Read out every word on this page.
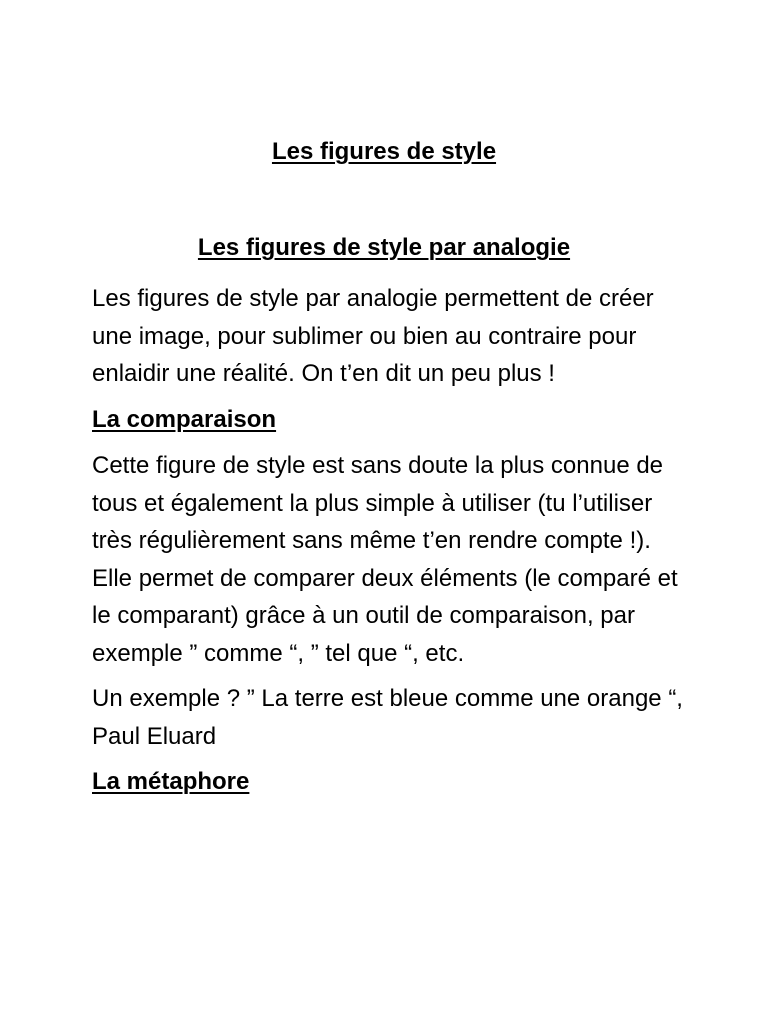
Les figures de style
Les figures de style par analogie

Les figures de style par analogie permettent de créer une image, pour sublimer ou bien au contraire pour enlaidir une réalité. On t’en dit un peu plus !

La comparaison

Cette figure de style est sans doute la plus connue de tous et également la plus simple à utiliser (tu l’utiliser très régulièrement sans même t’en rendre compte !). Elle permet de comparer deux éléments (le comparé et le comparant) grâce à un outil de comparaison, par exemple ” comme “, ” tel que “, etc.

Un exemple ? ” La terre est bleue comme une orange “, Paul Eluard

La métaphore
